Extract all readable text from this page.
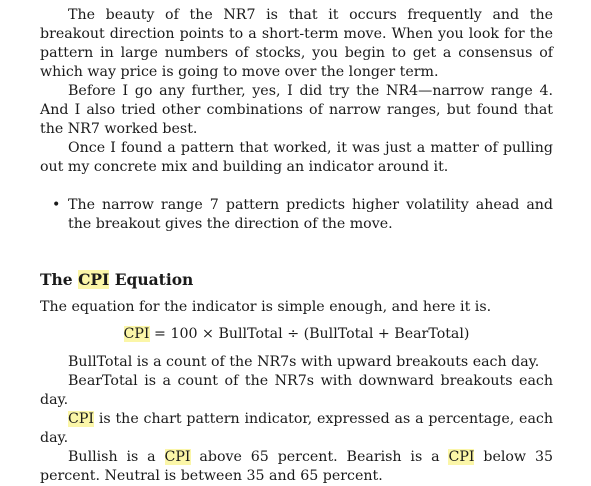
The beauty of the NR7 is that it occurs frequently and the breakout direction points to a short-term move. When you look for the pattern in large numbers of stocks, you begin to get a consensus of which way price is going to move over the longer term.

Before I go any further, yes, I did try the NR4—narrow range 4. And I also tried other combinations of narrow ranges, but found that the NR7 worked best.

Once I found a pattern that worked, it was just a matter of pulling out my concrete mix and building an indicator around it.

• The narrow range 7 pattern predicts higher volatility ahead and the breakout gives the direction of the move.
The CPI Equation

The equation for the indicator is simple enough, and here it is.

CPI = 100 × BullTotal ÷ (BullTotal + BearTotal)

BullTotal is a count of the NR7s with upward breakouts each day.

BearTotal is a count of the NR7s with downward breakouts each day.

CPI is the chart pattern indicator, expressed as a percentage, each day.

Bullish is a CPI above 65 percent. Bearish is a CPI below 35 percent. Neutral is between 35 and 65 percent.
